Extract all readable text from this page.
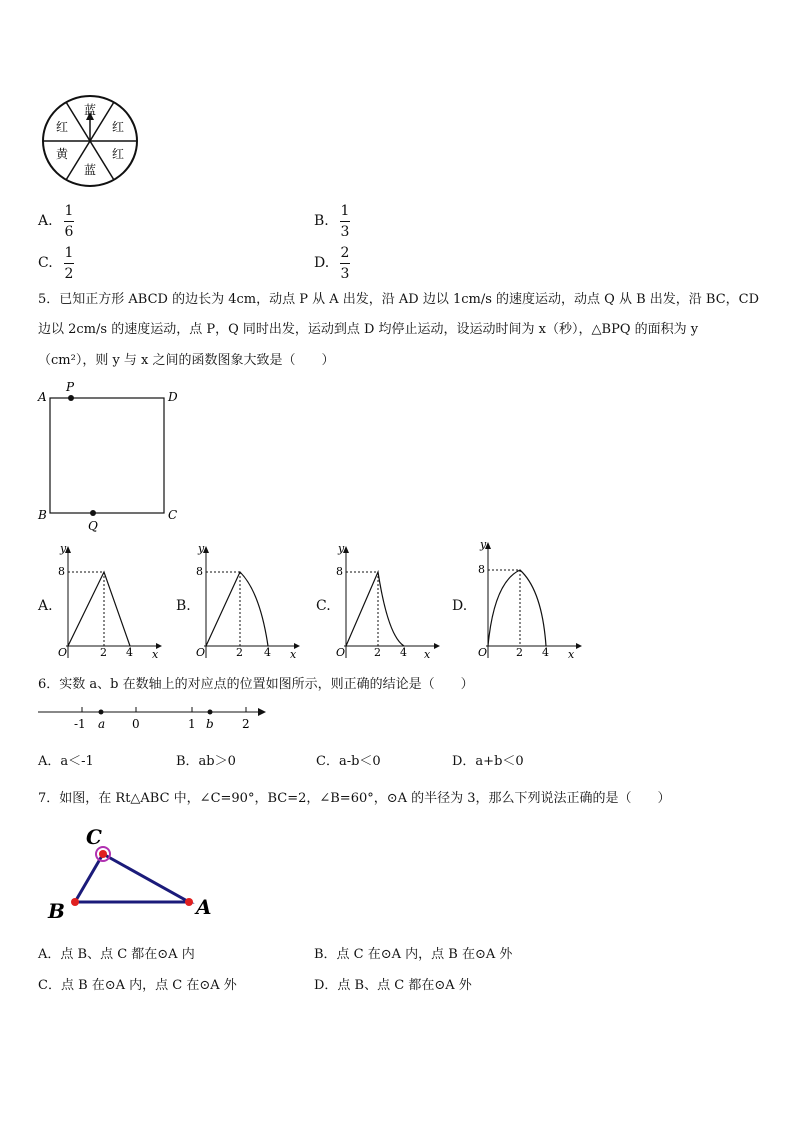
蓝
红
红
蓝
黄
红
A.
1
6
B.
1
3
C.
1
2
D.
2
3
5．已知正方形 ABCD 的边长为 4cm，动点 P 从 A 出发，沿 AD 边以 1cm/s 的速度运动，动点 Q 从 B 出发，沿 BC，CD
边以 2cm/s 的速度运动，点 P，Q 同时出发，运动到点 D 均停止运动，设运动时间为 x（秒），△BPQ 的面积为 y
（cm²），则 y 与 x 之间的函数图象大致是（　　）
A	D
B	C
P
Q
A.	B.	C.	D.
y
8
O	2 4 x
y
8
O	2 4 x
y
8
O	2 4 x
y
8
O	2 4 x
6．实数 a、b 在数轴上的对应点的位置如图所示，则正确的结论是（　　）
-1 a 0	1 b 2
A．a＜-1	B．ab＞0	C．a-b＜0	D．a+b＜0
7．如图，在 Rt△ABC 中，∠C=90°，BC=2，∠B=60°，⊙A 的半径为 3，那么下列说法正确的是（　　）
C
B	A
A．点 B、点 C 都在⊙A 内	B．点 C 在⊙A 内，点 B 在⊙A 外
C．点 B 在⊙A 内，点 C 在⊙A 外	D．点 B、点 C 都在⊙A 外
